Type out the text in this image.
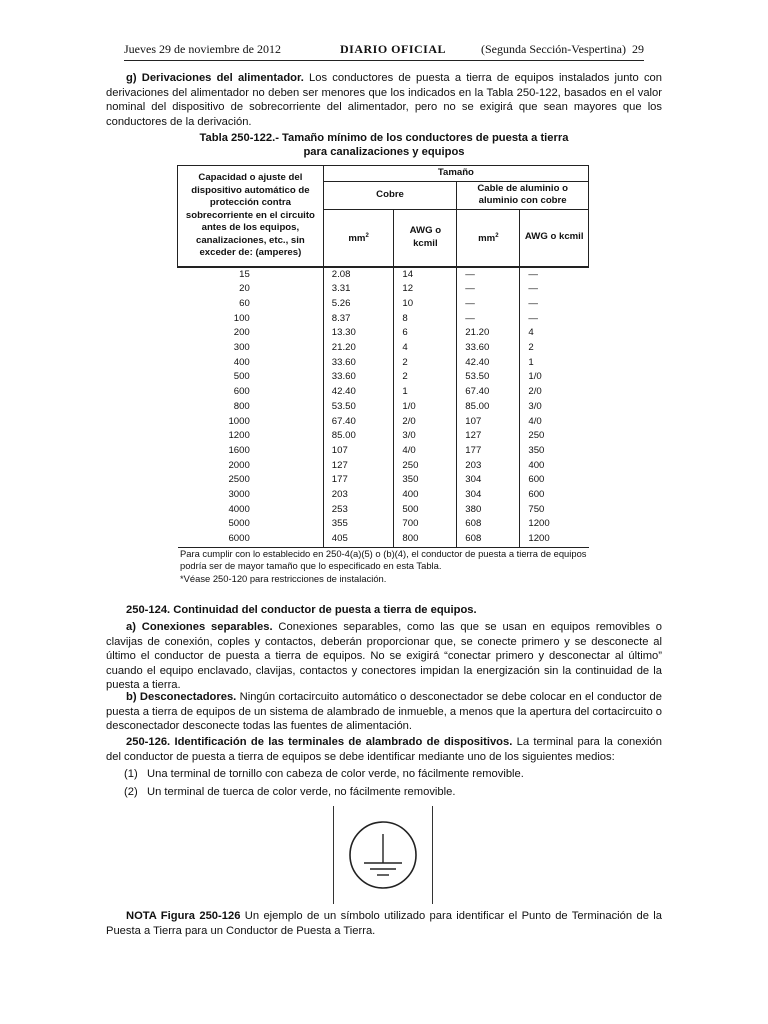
Jueves 29 de noviembre de 2012	DIARIO OFICIAL	(Segunda Sección-Vespertina) 29
g) Derivaciones del alimentador. Los conductores de puesta a tierra de equipos instalados junto con derivaciones del alimentador no deben ser menores que los indicados en la Tabla 250-122, basados en el valor nominal del dispositivo de sobrecorriente del alimentador, pero no se exigirá que sean mayores que los conductores de la derivación.
Tabla 250-122.- Tamaño mínimo de los conductores de puesta a tierra
para canalizaciones y equipos
Capacidad o ajuste del dispositivo automático de protección contra sobrecorriente en el circuito antes de los equipos, canalizaciones, etc., sin exceder de: (amperes)	Tamaño			
	Cobre		Cable de aluminio o aluminio con cobre	
	$mm^2$	AWG o kcmil	$mm^2$	AWG o kcmil
15	2.08	14	—	—
20	3.31	12	—	—
60	5.26	10	—	—
100	8.37	8	—	—
200	13.30	6	21.20	4
300	21.20	4	33.60	2
400	33.60	2	42.40	1
500	33.60	2	53.50	1/0
600	42.40	1	67.40	2/0
800	53.50	1/0	85.00	3/0
1000	67.40	2/0	107	4/0
1200	85.00	3/0	127	250
1600	107	4/0	177	350
2000	127	250	203	400
2500	177	350	304	600
3000	203	400	304	600
4000	253	500	380	750
5000	355	700	608	1200
6000	405	800	608	1200
Para cumplir con lo establecido en 250-4(a)(5) o (b)(4), el conductor de puesta a tierra de equipos podría ser de mayor tamaño que lo especificado en esta Tabla.
*Véase 250-120 para restricciones de instalación.
250-124. Continuidad del conductor de puesta a tierra de equipos.
a) Conexiones separables. Conexiones separables, como las que se usan en equipos removibles o clavijas de conexión, coples y contactos, deberán proporcionar que, se conecte primero y se desconecte al último el conductor de puesta a tierra de equipos. No se exigirá “conectar primero y desconectar al último” cuando el equipo enclavado, clavijas, contactos y conectores impidan la energización sin la continuidad de la puesta a tierra.
b) Desconectadores. Ningún cortacircuito automático o desconectador se debe colocar en el conductor de puesta a tierra de equipos de un sistema de alambrado de inmueble, a menos que la apertura del cortacircuito o desconectador desconecte todas las fuentes de alimentación.
250-126. Identificación de las terminales de alambrado de dispositivos. La terminal para la conexión del conductor de puesta a tierra de equipos se debe identificar mediante uno de los siguientes medios:
(1) Una terminal de tornillo con cabeza de color verde, no fácilmente removible.
(2) Un terminal de tuerca de color verde, no fácilmente removible.
NOTA Figura 250-126 Un ejemplo de un símbolo utilizado para identificar el Punto de Terminación de la Puesta a Tierra para un Conductor de Puesta a Tierra.
